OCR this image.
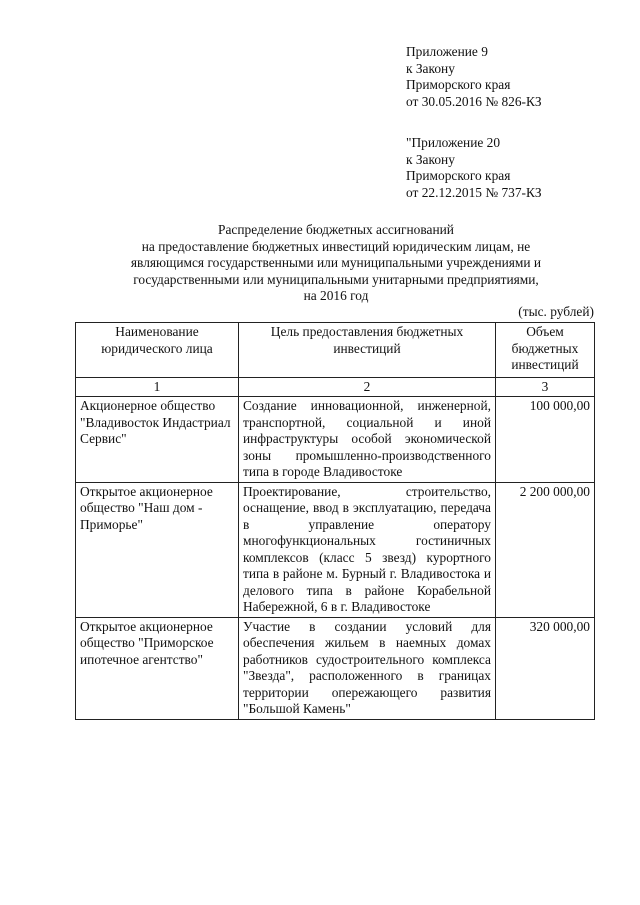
Приложение 9
к Закону
Приморского края
от 30.05.2016 № 826-КЗ
"Приложение 20
к Закону
Приморского края
от 22.12.2015 № 737-КЗ
Распределение бюджетных ассигнований
на предоставление бюджетных инвестиций юридическим лицам, не
являющимся государственными или муниципальными учреждениями и
государственными или муниципальными унитарными предприятиями,
на 2016 год
(тыс. рублей)
Наименование юридического лица	Цель предоставления бюджетных инвестиций	Объем бюджетных инвестиций
1	2	3
Акционерное общество "Владивосток Индастриал Сервис"	Создание инновационной, инженерной, транспортной, социальной и иной инфраструктуры особой экономической зоны промышленно-производственного типа в городе Владивостоке	100 000,00
Открытое акционерное общество "Наш дом - Приморье"	Проектирование, строительство, оснащение, ввод в эксплуатацию, передача в управление оператору многофункциональных гостиничных комплексов (класс 5 звезд) курортного типа в районе м. Бурный г. Владивостока и делового типа в районе Корабельной Набережной, 6 в г. Владивостоке	2 200 000,00
Открытое акционерное общество "Приморское ипотечное агентство"	Участие в создании условий для обеспечения жильем в наемных домах работников судостроительного комплекса "Звезда", расположенного в границах территории опережающего развития "Большой Камень"	320 000,00
